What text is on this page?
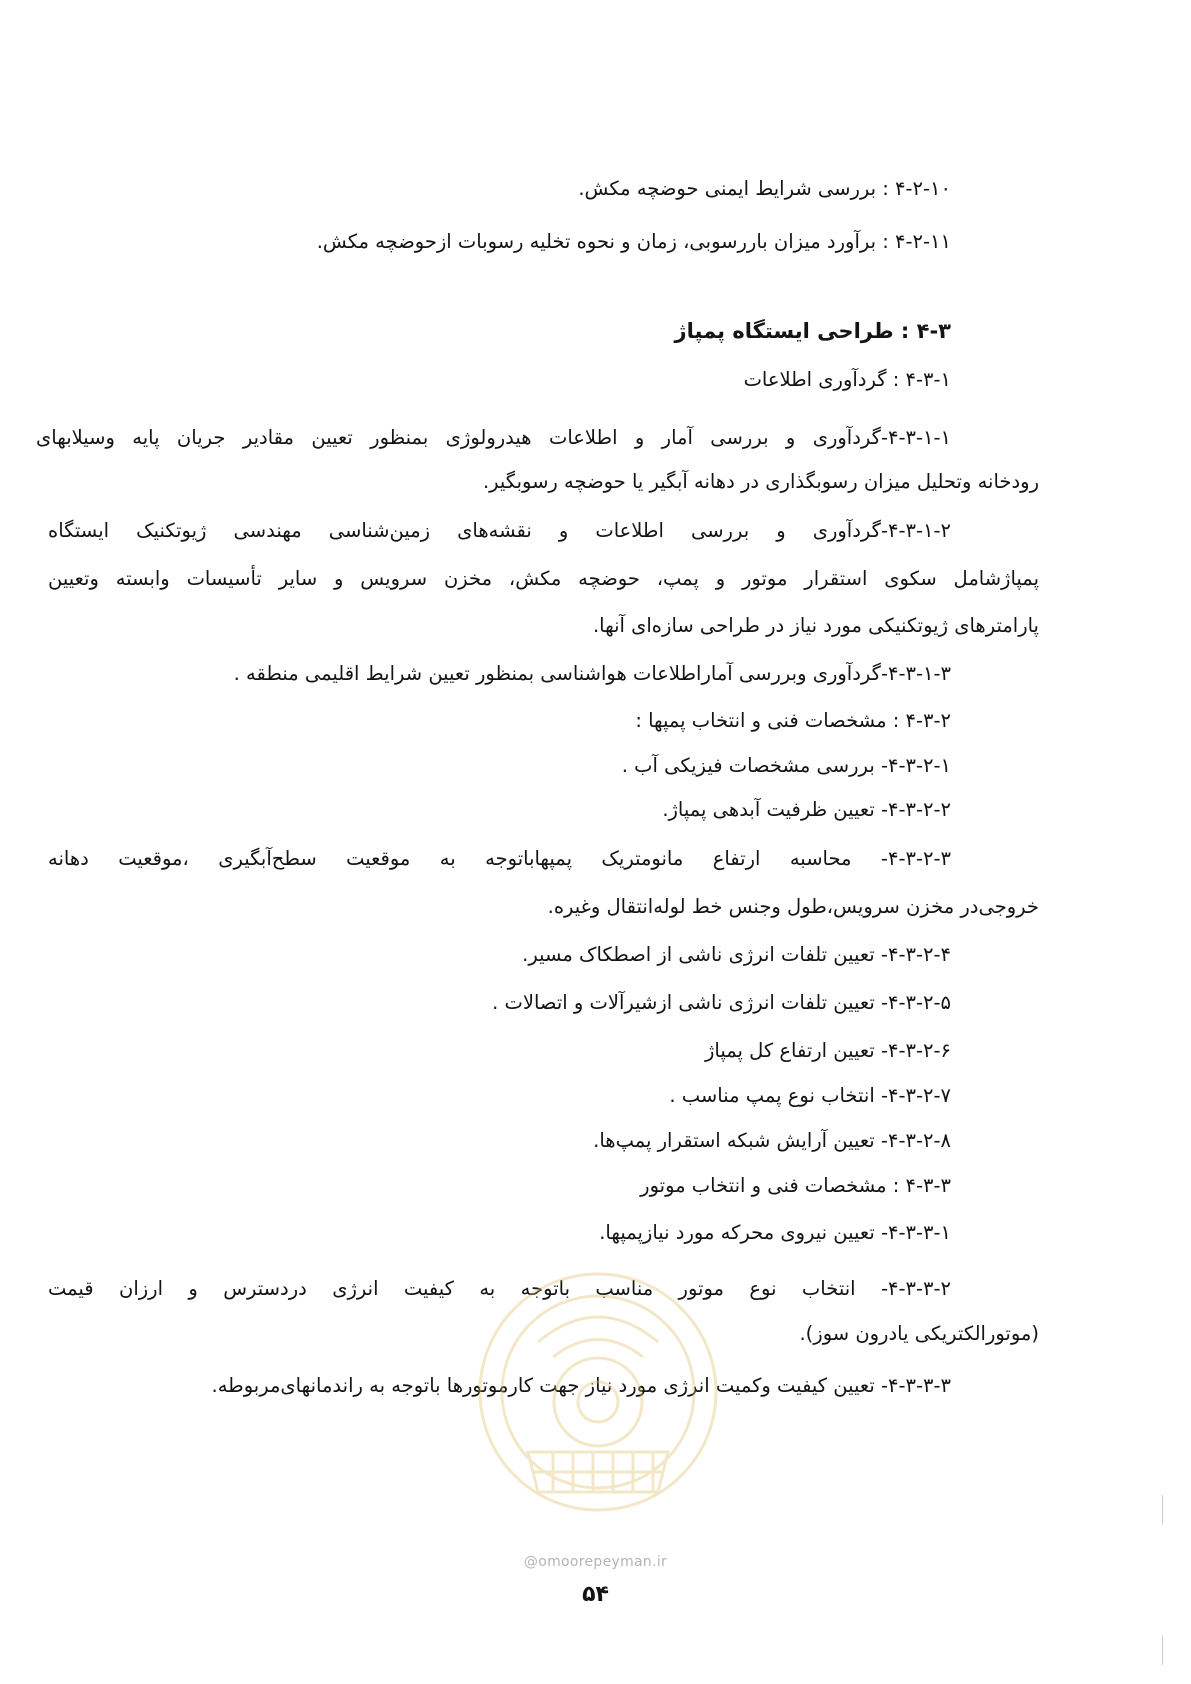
۴-۲-۱۰ : بررسی شرایط ایمنی حوضچه مکش.
۴-۲-۱۱ : برآورد میزان باررسوبی، زمان و نحوه تخلیه رسوبات ازحوضچه مکش.
۴-۳ : طراحی ایستگاه پمپاژ
۴-۳-۱ : گردآوری اطلاعات
۴-۳-۱-۱-گردآوری و بررسی آمار و اطلاعات هیدرولوژی بمنظور تعیین مقادیر جریان پایه وسیلابهای
رودخانه وتحلیل میزان رسوبگذاری در دهانه آبگیر یا حوضچه رسوبگیر.
۴-۳-۱-۲-گردآوری و بررسی اطلاعات و نقشه‌های زمین‌شناسی مهندسی ژیوتکنیک ایستگاه
پمپاژشامل سکوی استقرار موتور و پمپ، حوضچه مکش، مخزن سرویس و سایر تأسیسات وابسته وتعیین
پارامترهای ژیوتکنیکی مورد نیاز در طراحی سازه‌ای آنها.
۴-۳-۱-۳-گردآوری وبررسی آماراطلاعات هواشناسی بمنظور تعیین شرایط اقلیمی منطقه .
۴-۳-۲ : مشخصات فنی و انتخاب پمپها :
۴-۳-۲-۱- بررسی مشخصات فیزیکی آب .
۴-۳-۲-۲- تعیین ظرفیت آبدهی پمپاژ.
۴-۳-۲-۳- محاسبه ارتفاع مانومتریک پمپهاباتوجه به موقعیت سطح‌آبگیری ،موقعیت دهانه
خروجی‌در مخزن سرویس،طول وجنس خط لوله‌انتقال وغیره.
۴-۳-۲-۴- تعیین تلفات انرژی ناشی از اصطکاک مسیر.
۴-۳-۲-۵- تعیین تلفات انرژی ناشی ازشیرآلات و اتصالات .
۴-۳-۲-۶- تعیین ارتفاع کل پمپاژ
۴-۳-۲-۷- انتخاب نوع پمپ مناسب .
۴-۳-۲-۸- تعیین آرایش شبکه استقرار پمپ‌ها.
۴-۳-۳ : مشخصات فنی و انتخاب موتور
۴-۳-۳-۱- تعیین نیروی محرکه مورد نیازپمپها.
۴-۳-۳-۲- انتخاب نوع موتور مناسب باتوجه به کیفیت انرژی دردسترس و ارزان قیمت
(موتورالکتریکی یادرون سوز).
۴-۳-۳-۳- تعیین کیفیت وکمیت انرژی مورد نیاز جهت کارموتورها باتوجه به راندمانهای‌مربوطه.
@omoorepeyman.ir
۵۴
